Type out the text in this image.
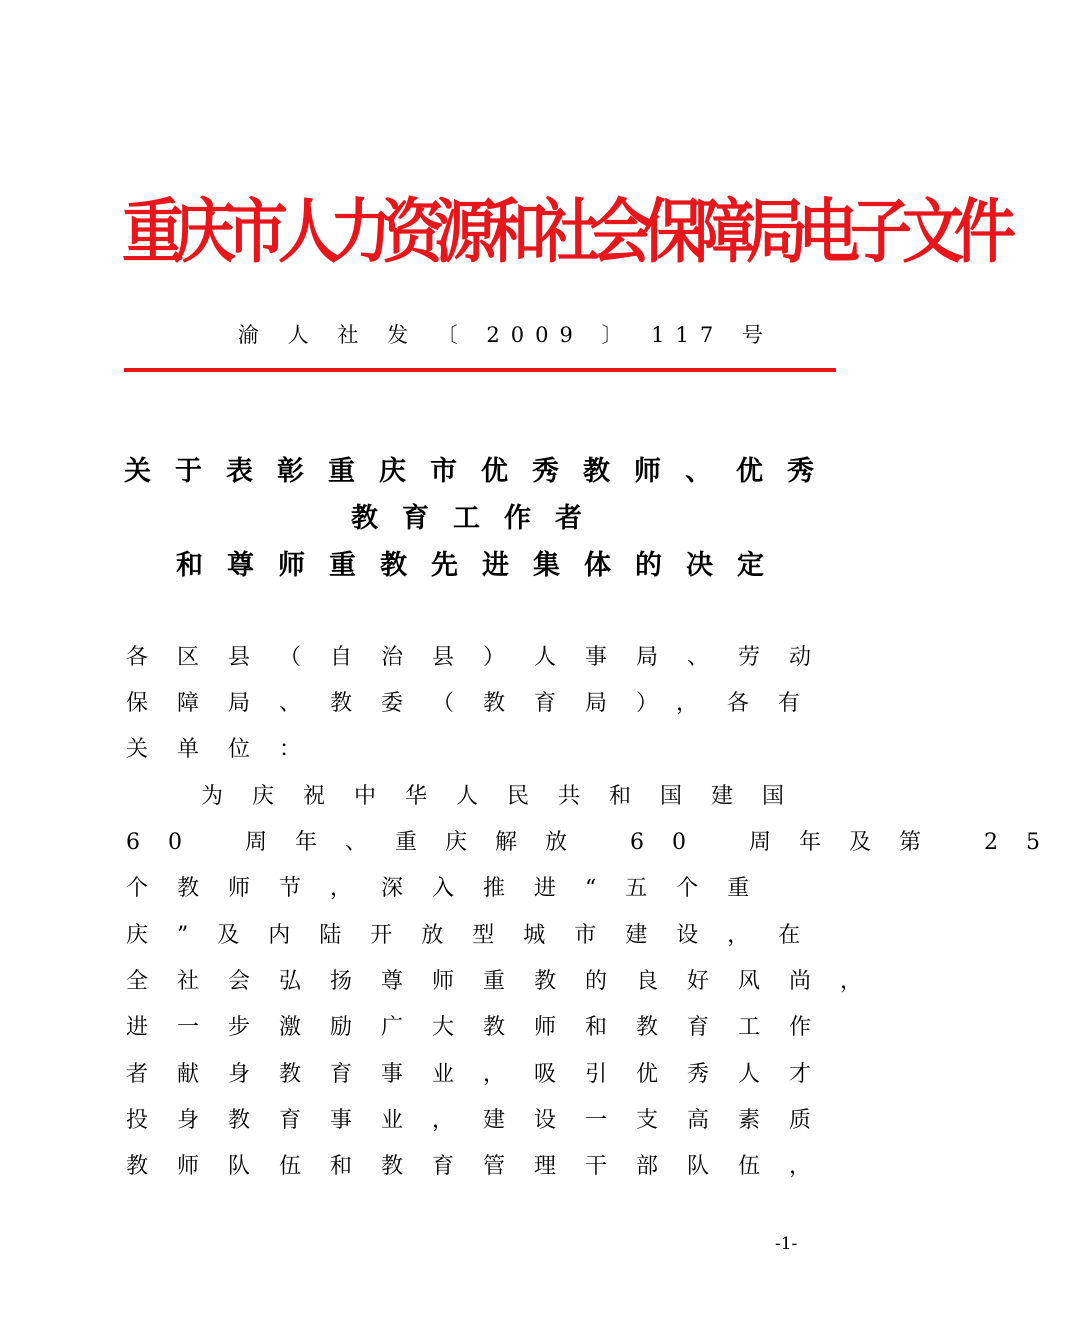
重庆市人力资源和社会保障局电子文件
渝 人 社 发 〔 2009 〕 117 号
关于表彰重庆市优秀教师、优秀
教育工作者
和尊师重教先进集体的决定
各区县（自治县）人事局、劳动
保障局、教委（教育局），各有
关单位：
为庆祝中华人民共和国建国
60 周年、重庆解放 60 周年及第 25
个教师节，深入推进“五个重
庆”及内陆开放型城市建设，在
全社会弘扬尊师重教的良好风尚，
进一步激励广大教师和教育工作
者献身教育事业，吸引优秀人才
投身教育事业，建设一支高素质
教师队伍和教育管理干部队伍，
-1-
